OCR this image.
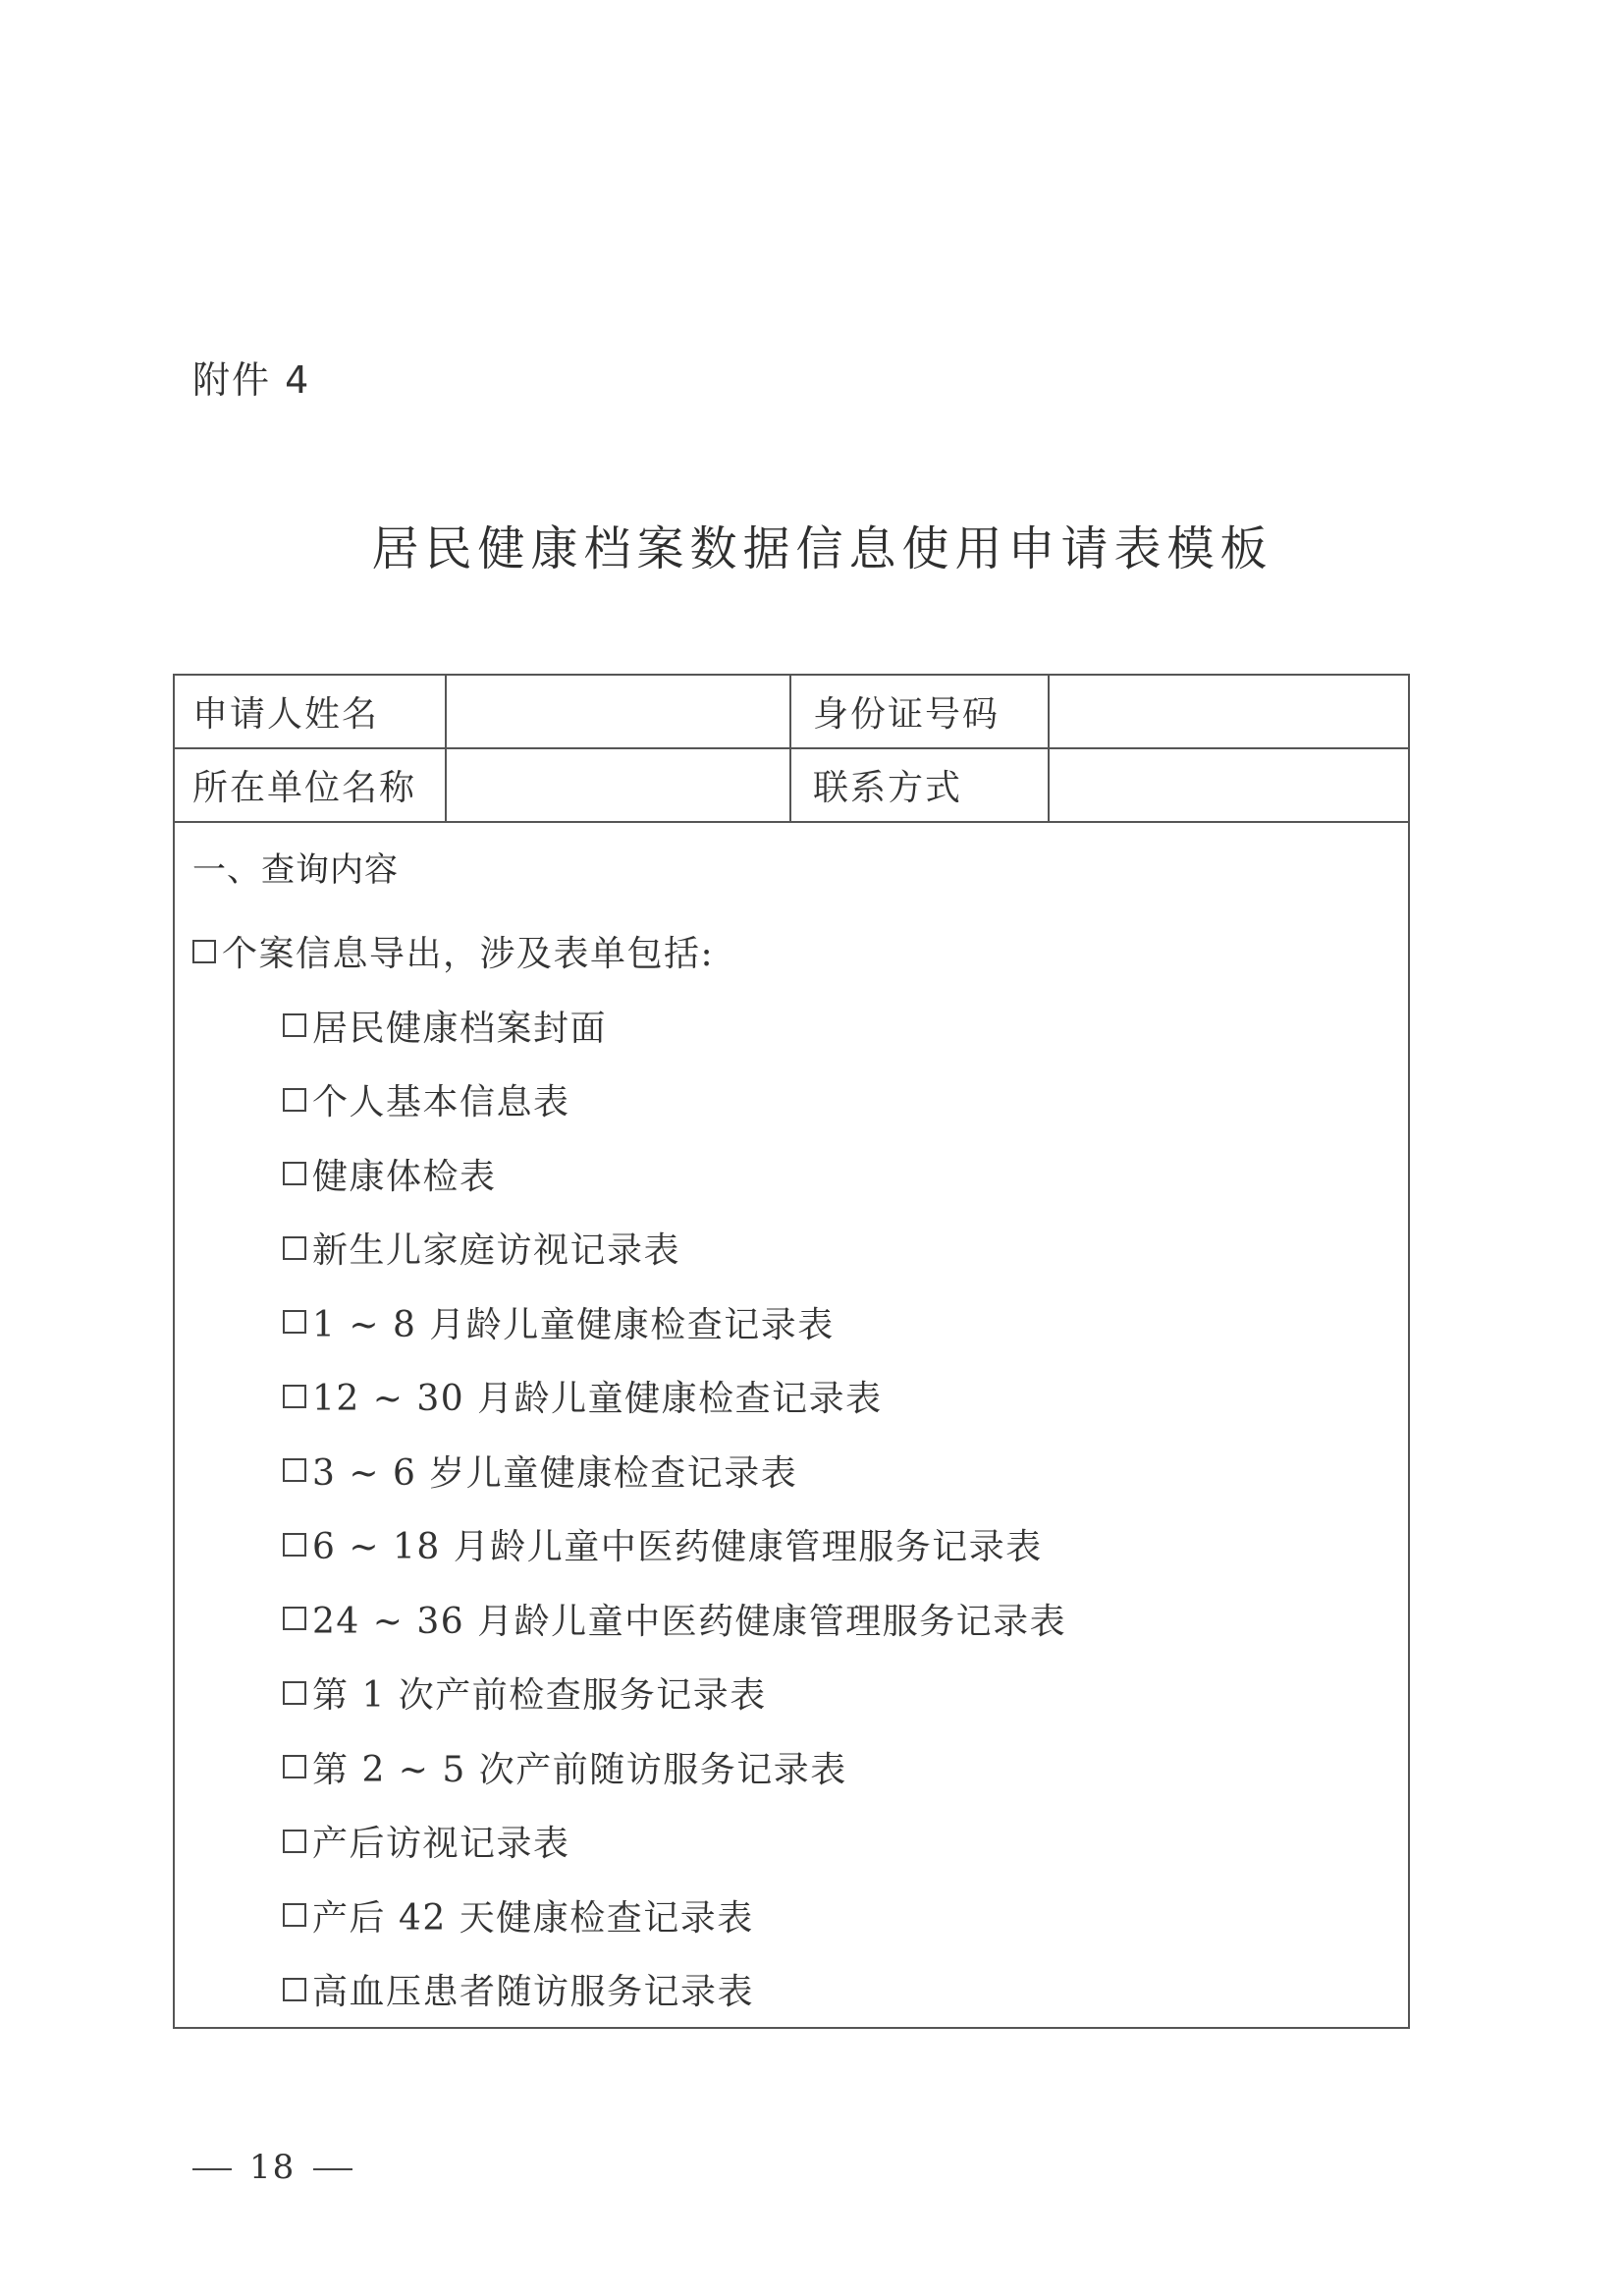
附件 4
居民健康档案数据信息使用申请表模板
申请人姓名		身份证号码	
所在单位名称		联系方式	

一、查询内容
个案信息导出，涉及表单包括:
居民健康档案封面
个人基本信息表
健康体检表
新生儿家庭访视记录表
1 ~ 8 月龄儿童健康检查记录表
12 ~ 30 月龄儿童健康检查记录表
3 ~ 6 岁儿童健康检查记录表
6 ~ 18 月龄儿童中医药健康管理服务记录表
24 ~ 36 月龄儿童中医药健康管理服务记录表
第 1 次产前检查服务记录表
第 2 ~ 5 次产前随访服务记录表
产后访视记录表
产后 42 天健康检查记录表
高血压患者随访服务记录表
18
